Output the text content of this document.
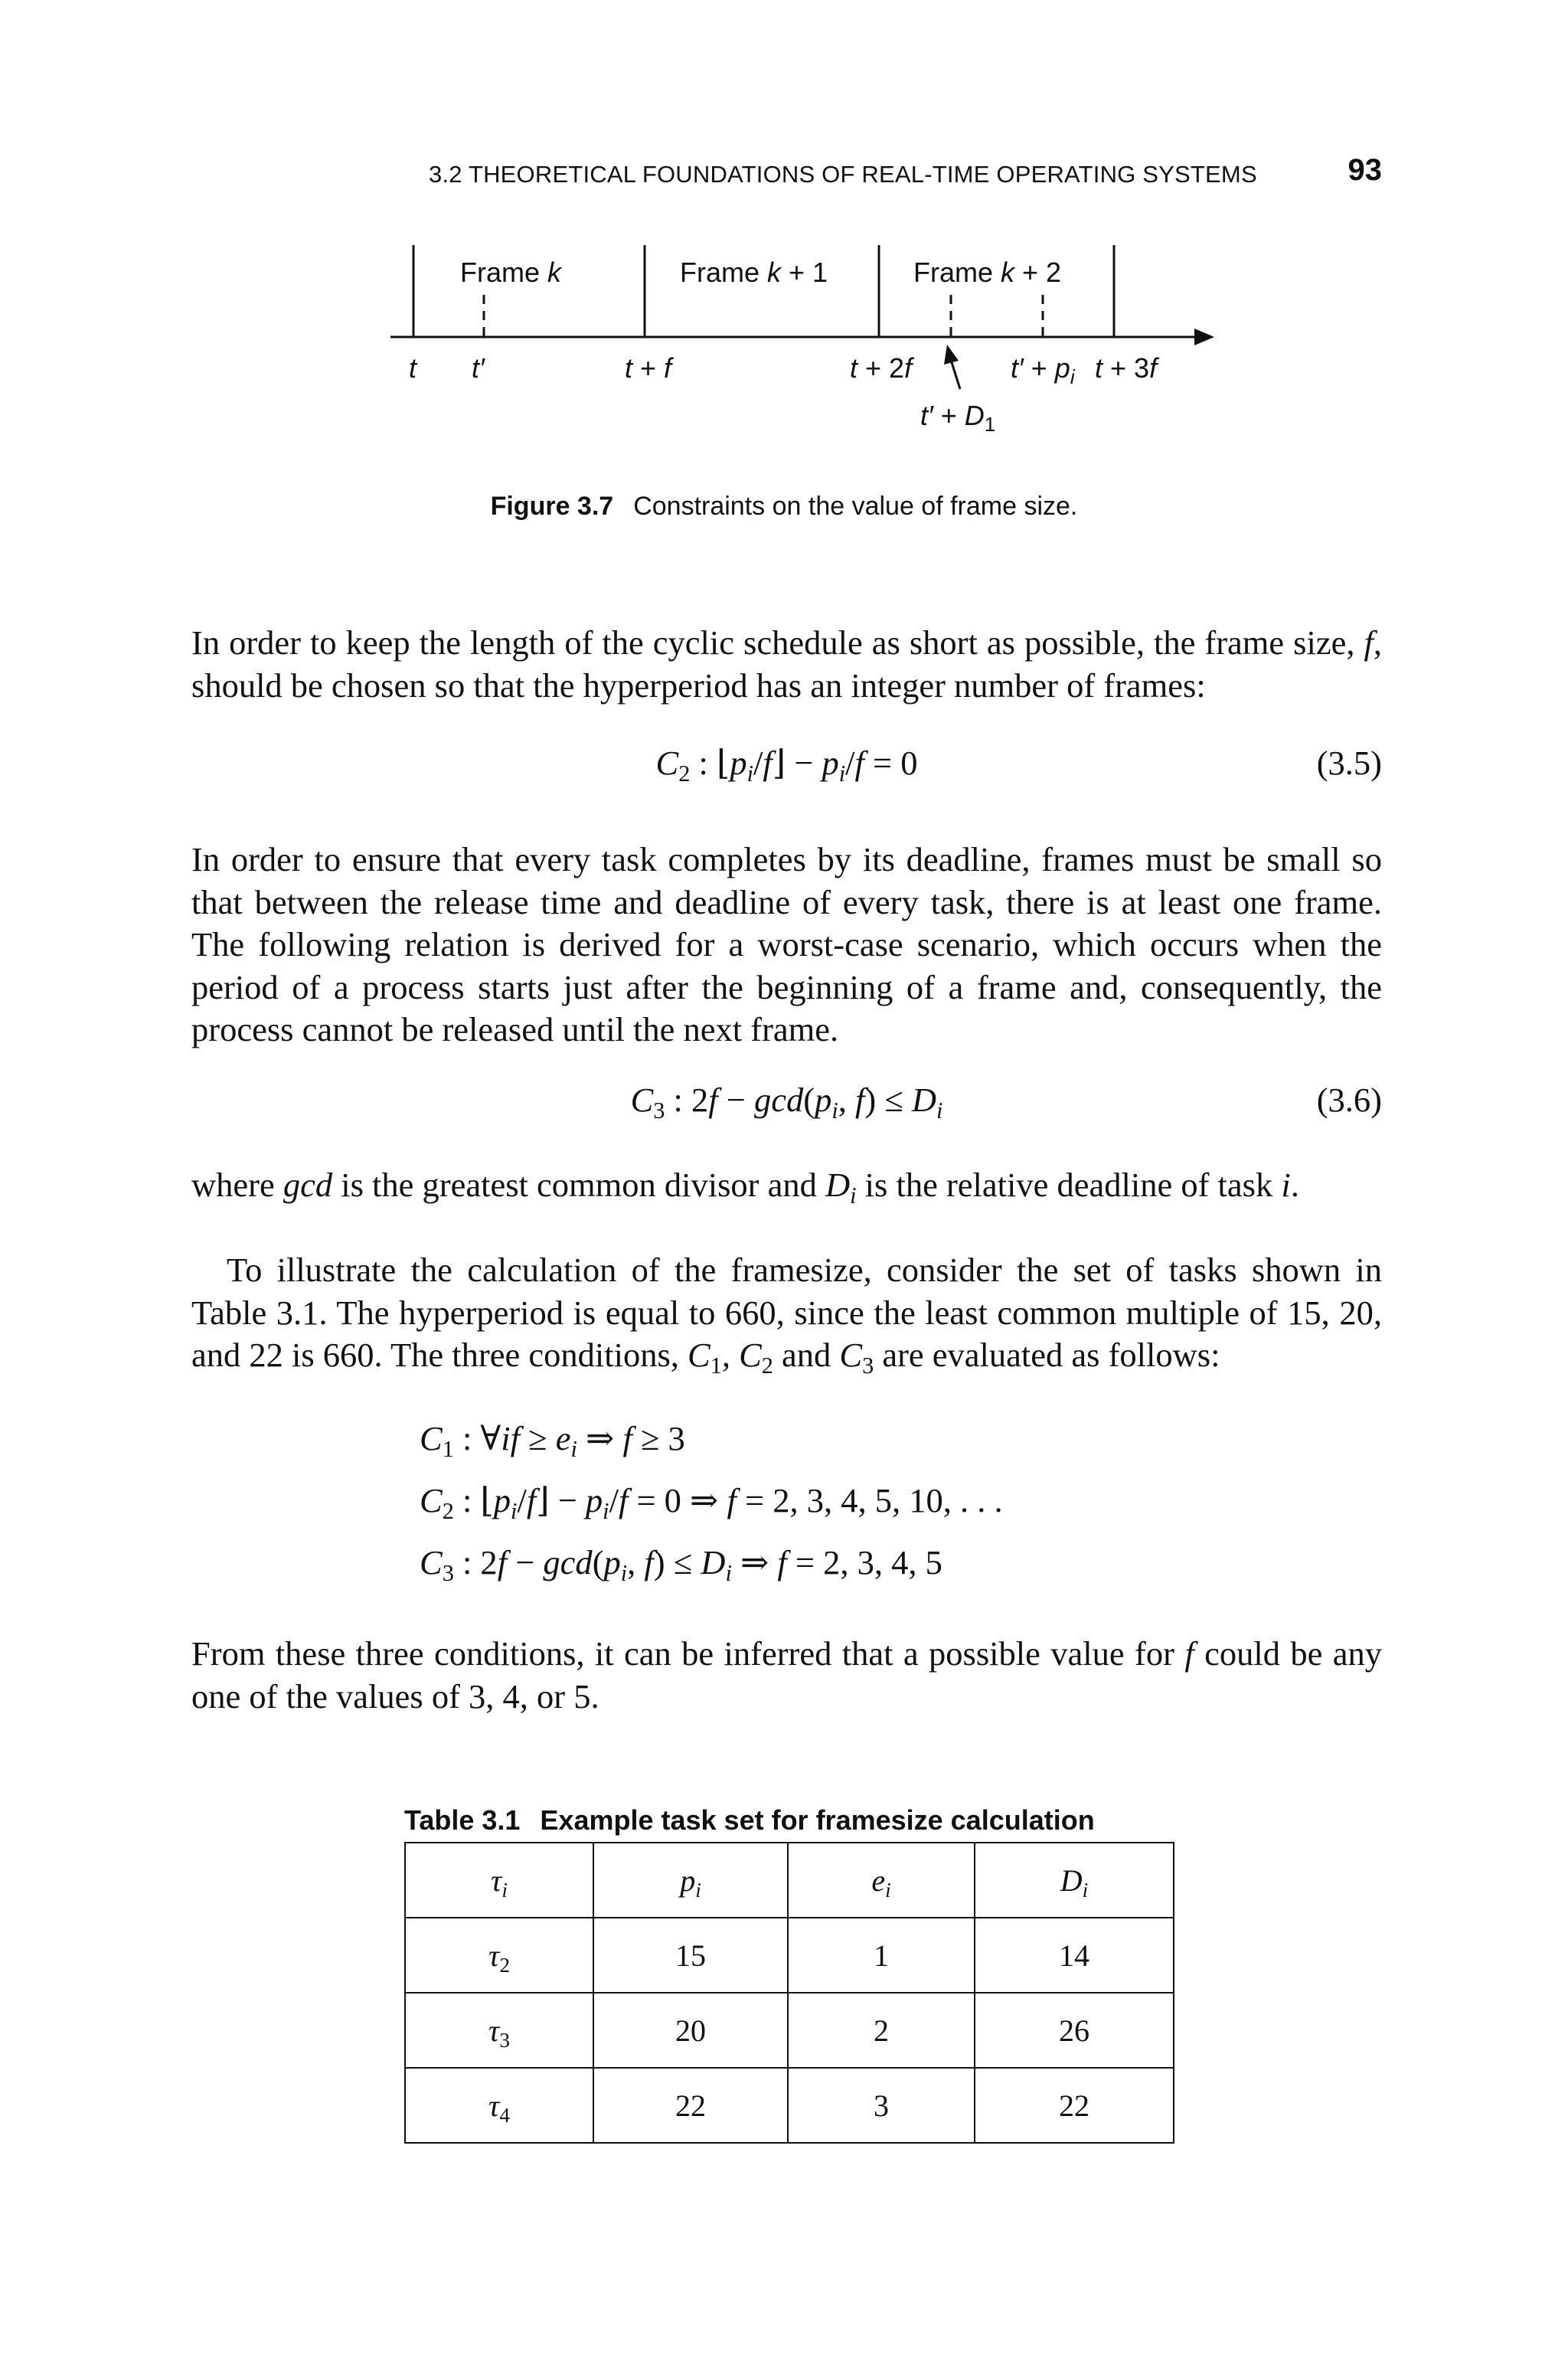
3.2 THEORETICAL FOUNDATIONS OF REAL-TIME OPERATING SYSTEMS	93
Frame k	Frame k + 1	Frame k + 2
t t′	t + f	t + 2f	$t' + p_i$ t + 3f
$t' + D_1$
Figure 3.7 Constraints on the value of frame size.
In order to keep the length of the cyclic schedule as short as possible, the frame size, f, should be chosen so that the hyperperiod has an integer number of frames:
$C_2$ : $⌊p_i/f⌋ - p_i/f = 0$	(3.5)
In order to ensure that every task completes by its deadline, frames must be small so that between the release time and deadline of every task, there is at least one frame. The following relation is derived for a worst-case scenario, which occurs when the period of a process starts just after the beginning of a frame and, consequently, the process cannot be released until the next frame.
$C_3$ : $2f - \gcd(p_i$, $f) \le D_i$	(3.6)
where gcd is the greatest common divisor and $D_i$ is the relative deadline of task i.
To illustrate the calculation of the framesize, consider the set of tasks shown in Table 3.1. The hyperperiod is equal to 660, since the least common multiple of 15, 20, and 22 is 660. The three conditions, $C_1$, $C_2$ and $C_3$ are evaluated as follows:
$C_1$ : ∀if ≥ $e_i$ ⇒ f ≥ 3
$C_2$ : $⌊p_i/f⌋ - p_i/f = 0$ ⇒ f = 2, 3, 4, 5, 10, . . .
$C_3$ : $2f - \gcd(p_i$, $f) \le D_i$ ⇒ f = 2, 3, 4, 5
From these three conditions, it can be inferred that a possible value for f could be any one of the values of 3, 4, or 5.
Table 3.1 Example task set for framesize calculation
$\tau_i$	$p_i$	$e_i$	$D_i$
$\tau_2$	15	1	14
$\tau_3$	20	2	26
$\tau_4$	22	3	22
